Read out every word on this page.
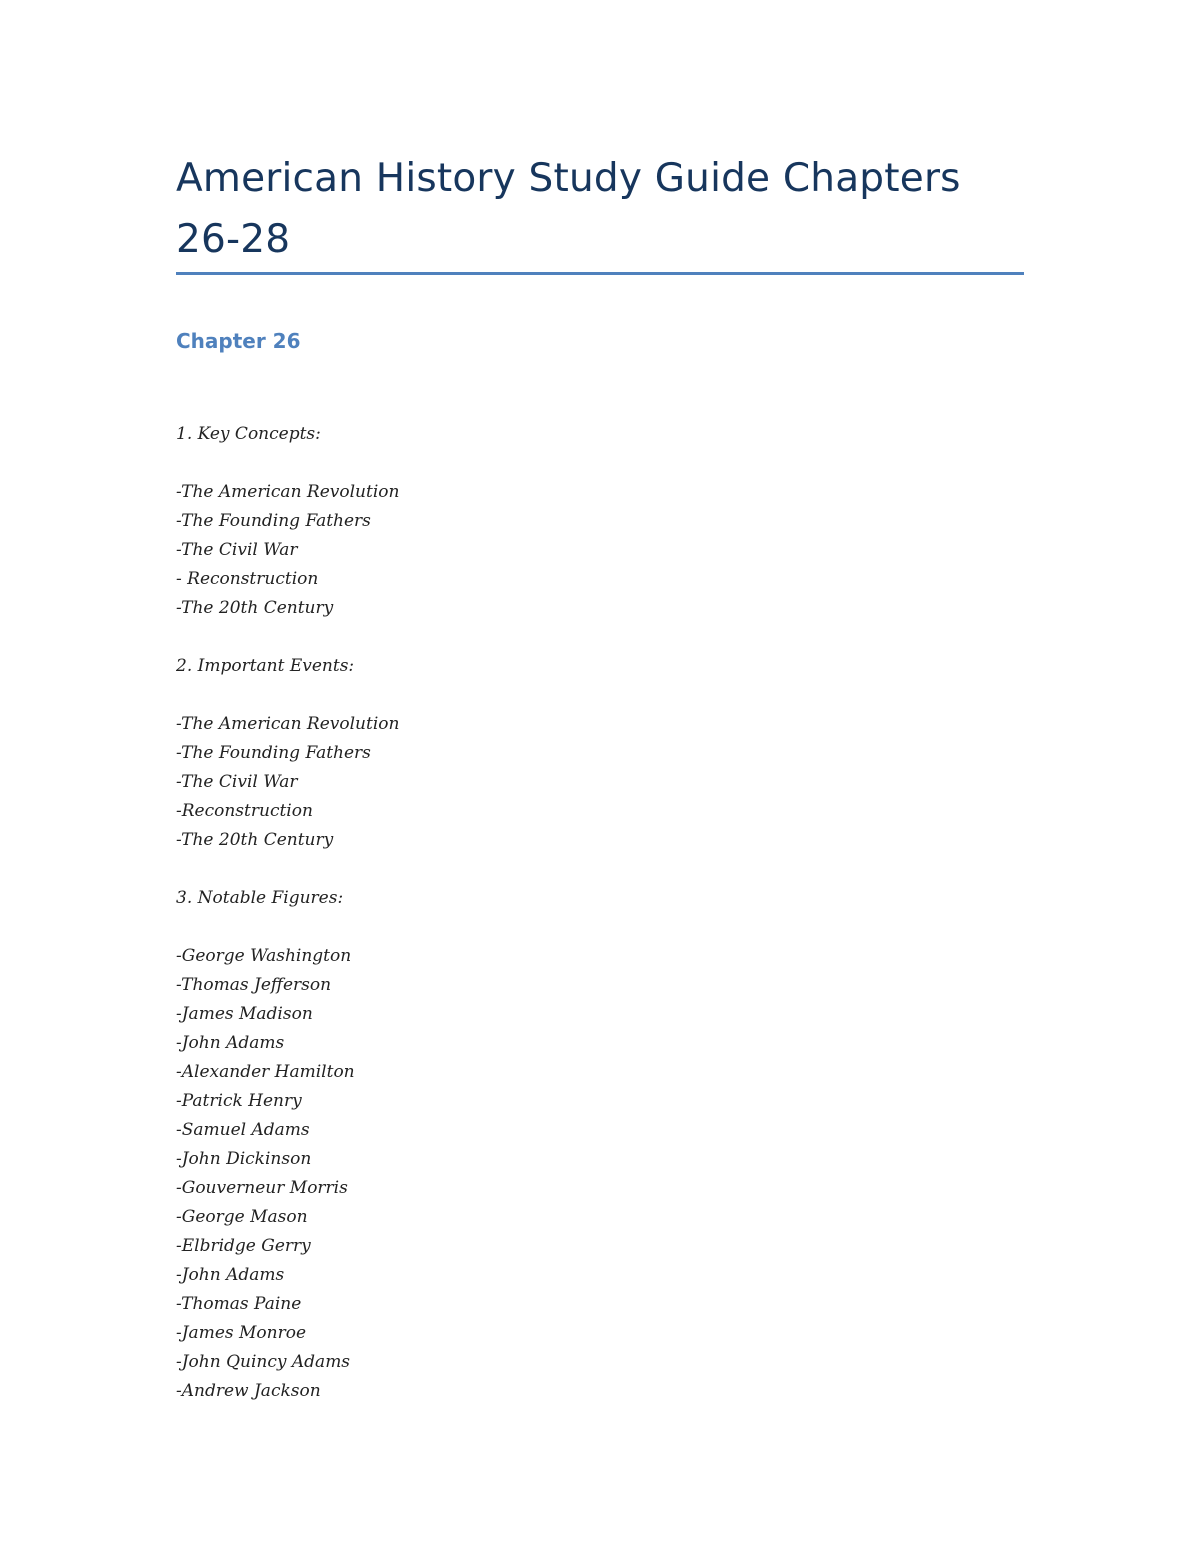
American History Study Guide Chapters 26-28
Chapter 26
1. Key Concepts:
-The American Revolution
-The Founding Fathers
-The Civil War
- Reconstruction
-The 20th Century
2. Important Events:
-The American Revolution
-The Founding Fathers
-The Civil War
-Reconstruction
-The 20th Century
3. Notable Figures:
-George Washington
-Thomas Jefferson
-James Madison
-John Adams
-Alexander Hamilton
-Patrick Henry
-Samuel Adams
-John Dickinson
-Gouverneur Morris
-George Mason
-Elbridge Gerry
-John Adams
-Thomas Paine
-James Monroe
-John Quincy Adams
-Andrew Jackson
